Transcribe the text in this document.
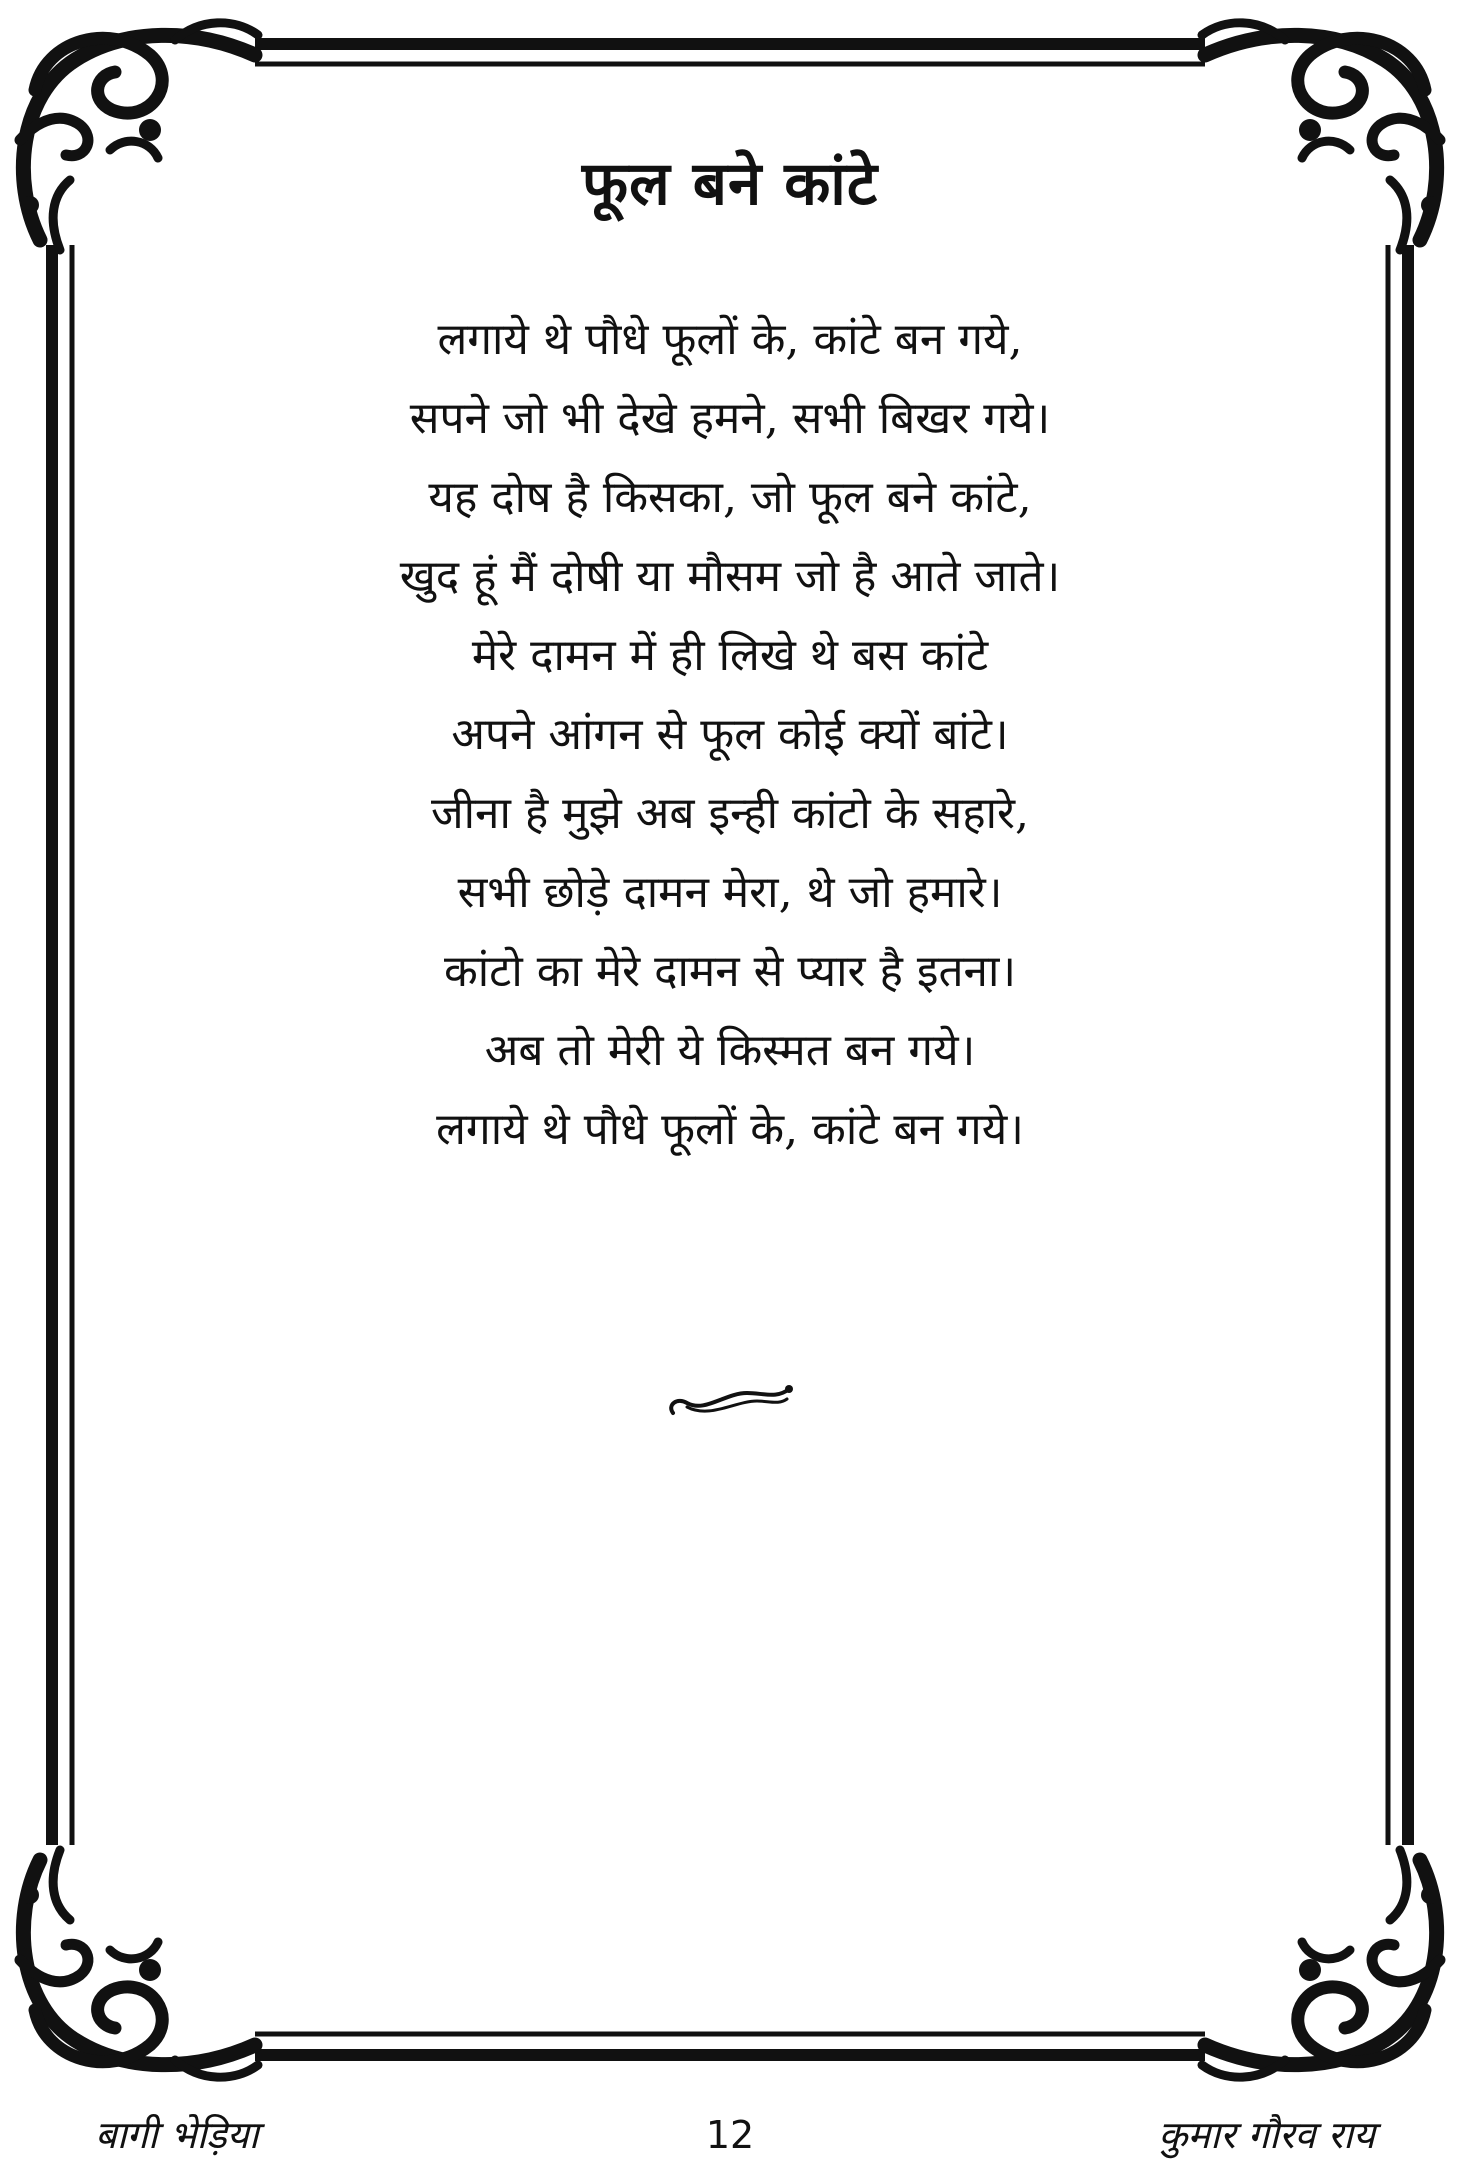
फूल बने कांटे
लगाये थे पौधे फूलों के, कांटे बन गये,
सपने जो भी देखे हमने, सभी बिखर गये।
यह दोष है किसका, जो फूल बने कांटे,
खुद हूं मैं दोषी या मौसम जो है आते जाते।
मेरे दामन में ही लिखे थे बस कांटे
अपने आंगन से फूल कोई क्यों बांटे।
जीना है मुझे अब इन्ही कांटो के सहारे,
सभी छोड़े दामन मेरा, थे जो हमारे।
कांटो का मेरे दामन से प्यार है इतना।
अब तो मेरी ये किस्मत बन गये।
लगाये थे पौधे फूलों के, कांटे बन गये।
बागी भेड़िया	12	कुमार गौरव राय
